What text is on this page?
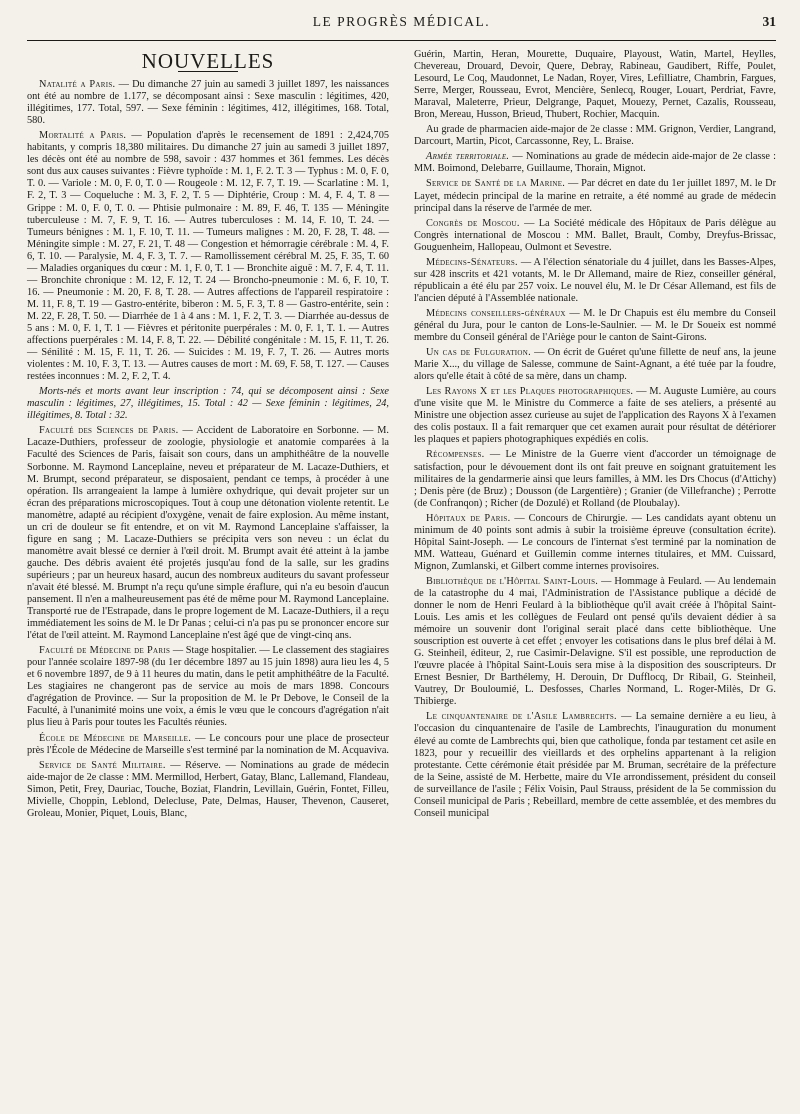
LE PROGRÈS MÉDICAL.	31
NOUVELLES

Natalité a Paris. — Du dimanche 27 juin au samedi 3 juillet 1897, les naissances ont été au nombre de 1.177, se décomposant ainsi : Sexe masculin : légitimes, 420, illégitimes, 177. Total, 597. — Sexe féminin : légitimes, 412, illégitimes, 168. Total, 580.

Mortalité a Paris. — Population d'après le recensement de 1891 : 2,424,705 habitants, y compris 18,380 militaires. Du dimanche 27 juin au samedi 3 juillet 1897, les décès ont été au nombre de 598, savoir : 437 hommes et 361 femmes. Les décès sont dus aux causes suivantes : Fièvre typhoïde : M. 1, F. 2. T. 3 — Typhus : M. 0, F. 0, T. 0. — Variole : M. 0, F. 0, T. 0 — Rougeole : M. 12, F. 7, T. 19. — Scarlatine : M. 1, F. 2, T. 3 — Coqueluche : M. 3, F. 2, T. 5 — Diphtérie, Croup : M. 4, F. 4, T. 8 — Grippe : M. 0, F. 0, T. 0. — Phtisie pulmonaire : M. 89, F. 46, T. 135 — Méningite tuberculeuse : M. 7, F. 9, T. 16. — Autres tuberculoses : M. 14, F. 10, T. 24. — Tumeurs bénignes : M. 1, F. 10, T. 11. — Tumeurs malignes : M. 20, F. 28, T. 48. — Méningite simple : M. 27, F. 21, T. 48 — Congestion et hémorragie cérébrale : M. 4, F. 6, T. 10. — Paralysie, M. 4, F. 3, T. 7. — Ramollissement cérébral M. 25, F. 35, T. 60 — Maladies organiques du cœur : M. 1, F. 0, T. 1 — Bronchite aiguë : M. 7, F. 4, T. 11. — Bronchite chronique : M. 12, F. 12, T. 24 — Broncho-pneumonie : M. 6, F. 10, T. 16. — Pneumonie : M. 20, F. 8, T. 28. — Autres affections de l'appareil respiratoire : M. 11, F. 8, T. 19 — Gastro-entérite, biberon : M. 5, F. 3, T. 8 — Gastro-entérite, sein : M. 22, F. 28, T. 50. — Diarrhée de 1 à 4 ans : M. 1, F. 2, T. 3. — Diarrhée au-dessus de 5 ans : M. 0, F. 1, T. 1 — Fièvres et péritonite puerpérales : M. 0, F. 1, T. 1. — Autres affections puerpérales : M. 14, F. 8, T. 22. — Débilité congénitale : M. 15, F. 11, T. 26. — Sénilité : M. 15, F. 11, T. 26. — Suicides : M. 19, F. 7, T. 26. — Autres morts violentes : M. 10, F. 3, T. 13. — Autres causes de mort : M. 69, F. 58, T. 127. — Causes restées inconnues : M. 2, F. 2, T. 4.

Morts-nés et morts avant leur inscription : 74, qui se décomposent ainsi : Sexe masculin : légitimes, 27, illégitimes, 15. Total : 42 — Sexe féminin : légitimes, 24, illégitimes, 8. Total : 32.

Faculté des Sciences de Paris. — Accident de Laboratoire en Sorbonne. — M. Lacaze-Duthiers, professeur de zoologie, physiologie et anatomie comparées à la Faculté des Sciences de Paris, faisait son cours, dans un amphithéâtre de la nouvelle Sorbonne. M. Raymond Lanceplaine, neveu et préparateur de M. Lacaze-Duthiers, et M. Brumpt, second préparateur, se disposaient, pendant ce temps, à procéder à une opération. Ils arrangeaient la lampe à lumière oxhydrique, qui devait projeter sur un écran des préparations microscopiques. Tout à coup une détonation violente retentit. Le manomètre, adapté au récipient d'oxygène, venait de faire explosion. Au même instant, un cri de douleur se fit entendre, et on vit M. Raymond Lanceplaine s'affaisser, la figure en sang ; M. Lacaze-Duthiers se précipita vers son neveu : un éclat du manomètre avait blessé ce dernier à l'œil droit. M. Brumpt avait été atteint à la jambe gauche. Des débris avaient été projetés jusqu'au fond de la salle, sur les gradins supérieurs ; par un heureux hasard, aucun des nombreux auditeurs du savant professeur n'avait été blessé. M. Brumpt n'a reçu qu'une simple éraflure, qui n'a eu besoin d'aucun pansement. Il n'en a malheureusement pas été de même pour M. Raymond Lanceplaine. Transporté rue de l'Estrapade, dans le propre logement de M. Lacaze-Duthiers, il a reçu immédiatement les soins de M. le Dr Panas ; celui-ci n'a pas pu se prononcer encore sur l'état de l'œil atteint. M. Raymond Lanceplaine n'est âgé que de vingt-cinq ans.

Faculté de Médecine de Paris — Stage hospitalier. — Le classement des stagiaires pour l'année scolaire 1897-98 (du 1er décembre 1897 au 15 juin 1898) aura lieu les 4, 5 et 6 novembre 1897, de 9 à 11 heures du matin, dans le petit amphithéâtre de la Faculté. Les stagiaires ne changeront pas de service au mois de mars 1898. Concours d'agrégation de Province. — Sur la proposition de M. le Pr Debove, le Conseil de la Faculté, à l'unanimité moins une voix, a émis le vœu que le concours d'agrégation n'ait plus lieu à Paris pour toutes les Facultés réunies.

École de Médecine de Marseille. — Le concours pour une place de prosecteur près l'École de Médecine de Marseille s'est terminé par la nomination de M. Acquaviva.

Service de Santé Militaire. — Réserve. — Nominations au grade de médecin aide-major de 2e classe : MM. Mermillod, Herbert, Gatay, Blanc, Lallemand, Flandeau, Simon, Petit, Frey, Dauriac, Touche, Boziat, Flandrin, Levillain, Guérin, Fontet, Filleu, Mivielle, Choppin, Leblond, Delecluse, Pate, Delmas, Hauser, Thevenon, Causeret, Groleau, Monier, Piquet, Louis, Blanc,

Guérin, Martin, Heran, Mourette, Duquaire, Playoust, Watin, Martel, Heylles, Chevereau, Drouard, Devoir, Quere, Debray, Rabineau, Gaudibert, Riffe, Poulet, Lesourd, Le Coq, Maudonnet, Le Nadan, Royer, Vires, Lefilliatre, Chambrin, Fargues, Serre, Merger, Rousseau, Evrot, Mencière, Senlecq, Rouger, Louart, Perdriat, Favre, Maraval, Maleterre, Prieur, Delgrange, Paquet, Mouezy, Pernet, Cazalis, Rousseau, Bron, Mereau, Husson, Brieud, Thubert, Rochier, Macquin.

Au grade de pharmacien aide-major de 2e classe : MM. Grignon, Verdier, Langrand, Darcourt, Martin, Picot, Carcassonne, Rey, L. Braise.

Armée territoriale. — Nominations au grade de médecin aide-major de 2e classe : MM. Boimond, Delebarre, Guillaume, Thorain, Mignot.

Service de Santé de la Marine. — Par décret en date du 1er juillet 1897, M. le Dr Layet, médecin principal de la marine en retraite, a été nommé au grade de médecin principal dans la réserve de l'armée de mer.

Congrès de Moscou. — La Société médicale des Hôpitaux de Paris délègue au Congrès international de Moscou : MM. Ballet, Brault, Comby, Dreyfus-Brissac, Gouguenheim, Hallopeau, Oulmont et Sevestre.

Médecins-Sénateurs. — A l'élection sénatoriale du 4 juillet, dans les Basses-Alpes, sur 428 inscrits et 421 votants, M. le Dr Allemand, maire de Riez, conseiller général, républicain a été élu par 257 voix. Le nouvel élu, M. le Dr César Allemand, est fils de l'ancien député à l'Assemblée nationale.

Médecins conseillers-généraux — M. le Dr Chapuis est élu membre du Conseil général du Jura, pour le canton de Lons-le-Saulnier. — M. le Dr Soueix est nommé membre du Conseil général de l'Ariège pour le canton de Saint-Girons.

Un cas de Fulguration. — On écrit de Guéret qu'une fillette de neuf ans, la jeune Marie X..., du village de Salesse, commune de Saint-Agnant, a été tuée par la foudre, alors qu'elle était à côté de sa mère, dans un champ.

Les Rayons X et les Plaques photographiques. — M. Auguste Lumière, au cours d'une visite que M. le Ministre du Commerce a faite de ses ateliers, a présenté au Ministre une objection assez curieuse au sujet de l'application des Rayons X à l'examen des colis postaux. Il a fait remarquer que cet examen aurait pour résultat de détériorer les plaques et papiers photographiques expédiés en colis.

Récompenses. — Le Ministre de la Guerre vient d'accorder un témoignage de satisfaction, pour le dévouement dont ils ont fait preuve en soignant gratuitement les militaires de la gendarmerie ainsi que leurs familles, à MM. les Drs Chocus (d'Attichy) ; Denis père (de Bruz) ; Dousson (de Largentière) ; Granier (de Villefranche) ; Perrotte (de Confranqon) ; Richer (de Dozulé) et Rolland (de Ploubalay).

Hôpitaux de Paris. — Concours de Chirurgie. — Les candidats ayant obtenu un minimum de 40 points sont admis à subir la troisième épreuve (consultation écrite). Hôpital Saint-Joseph. — Le concours de l'internat s'est terminé par la nomination de MM. Watteau, Guénard et Guillemin comme internes titulaires, et MM. Cuissard, Mignon, Zumlanski, et Gilbert comme internes provisoires.

Bibliothèque de l'Hôpital Saint-Louis. — Hommage à Feulard. — Au lendemain de la catastrophe du 4 mai, l'Administration de l'Assistance publique a décidé de donner le nom de Henri Feulard à la bibliothèque qu'il avait créée à l'hôpital Saint-Louis. Les amis et les collègues de Feulard ont pensé qu'ils devaient dédier à sa mémoire un souvenir dont l'original serait placé dans cette bibliothèque. Une souscription est ouverte à cet effet ; envoyer les cotisations dans le plus bref délai à M. G. Steinheil, éditeur, 2, rue Casimir-Delavigne. S'il est possible, une reproduction de l'œuvre placée à l'hôpital Saint-Louis sera mise à la disposition des souscripteurs. Dr Ernest Besnier, Dr Barthélemy, H. Derouin, Dr Dufflocq, Dr Ribail, G. Steinheil, Vautrey, Dr Bouloumié, L. Desfosses, Charles Normand, L. Roger-Milès, Dr G. Thibierge.

Le cinquantenaire de l'Asile Lambrechts. — La semaine dernière a eu lieu, à l'occasion du cinquantenaire de l'asile de Lambrechts, l'inauguration du monument élevé au comte de Lambrechts qui, bien que catholique, fonda par testament cet asile en 1823, pour y recueillir des vieillards et des orphelins appartenant à la religion protestante. Cette cérémonie était présidée par M. Bruman, secrétaire de la préfecture de la Seine, assisté de M. Herbette, maire du VIe arrondissement, président du conseil de surveillance de l'asile ; Félix Voisin, Paul Strauss, président de la 5e commission du Conseil municipal de Paris ; Rebeillard, membre de cette assemblée, et des membres du Conseil municipal
